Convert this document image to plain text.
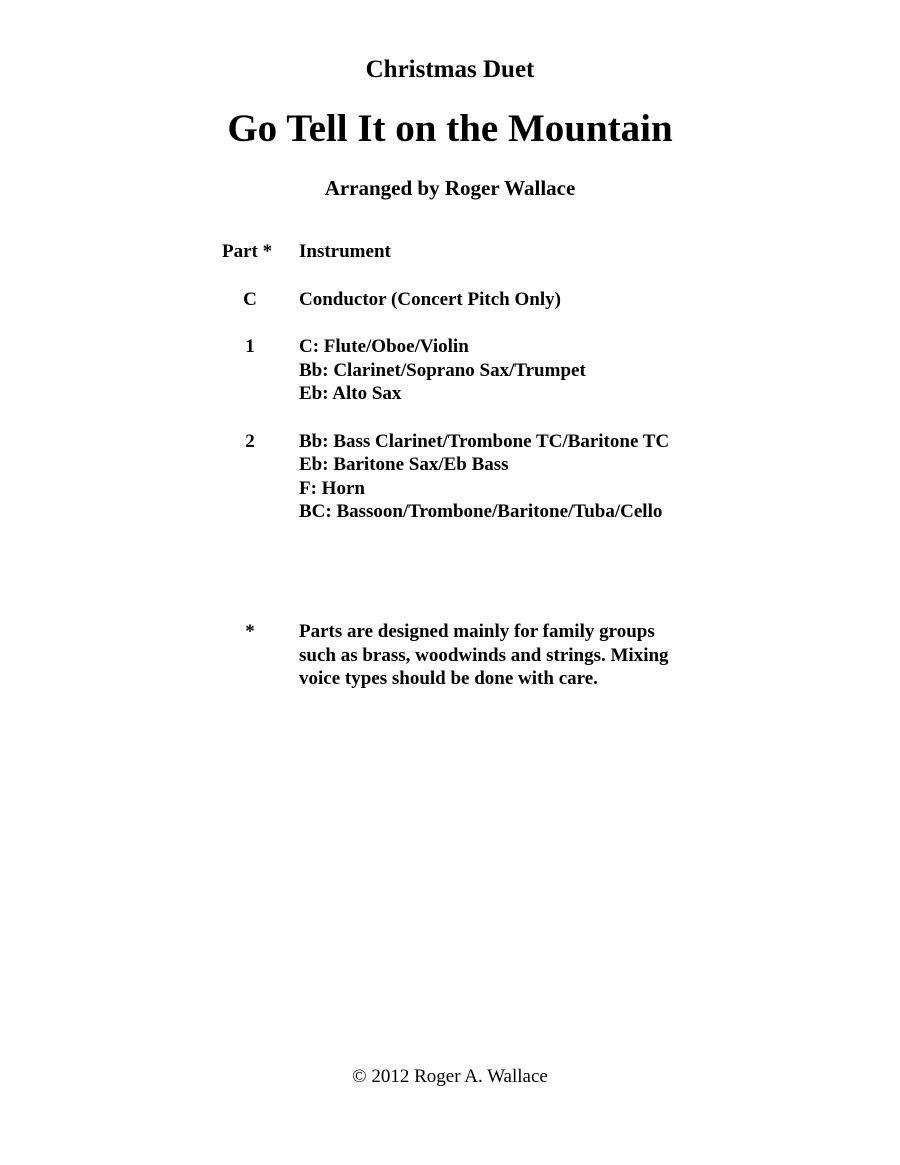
Christmas Duet
Go Tell It on the Mountain
Arranged by Roger Wallace
Part * Instrument
C	Conductor (Concert Pitch Only)
1	C: Flute/Oboe/Violin
Bb: Clarinet/Soprano Sax/Trumpet
Eb: Alto Sax
2	Bb: Bass Clarinet/Trombone TC/Baritone TC
Eb: Baritone Sax/Eb Bass
F: Horn
BC: Bassoon/Trombone/Baritone/Tuba/Cello
*	Parts are designed mainly for family groups
such as brass, woodwinds and strings. Mixing
voice types should be done with care.

© 2012 Roger A. Wallace
